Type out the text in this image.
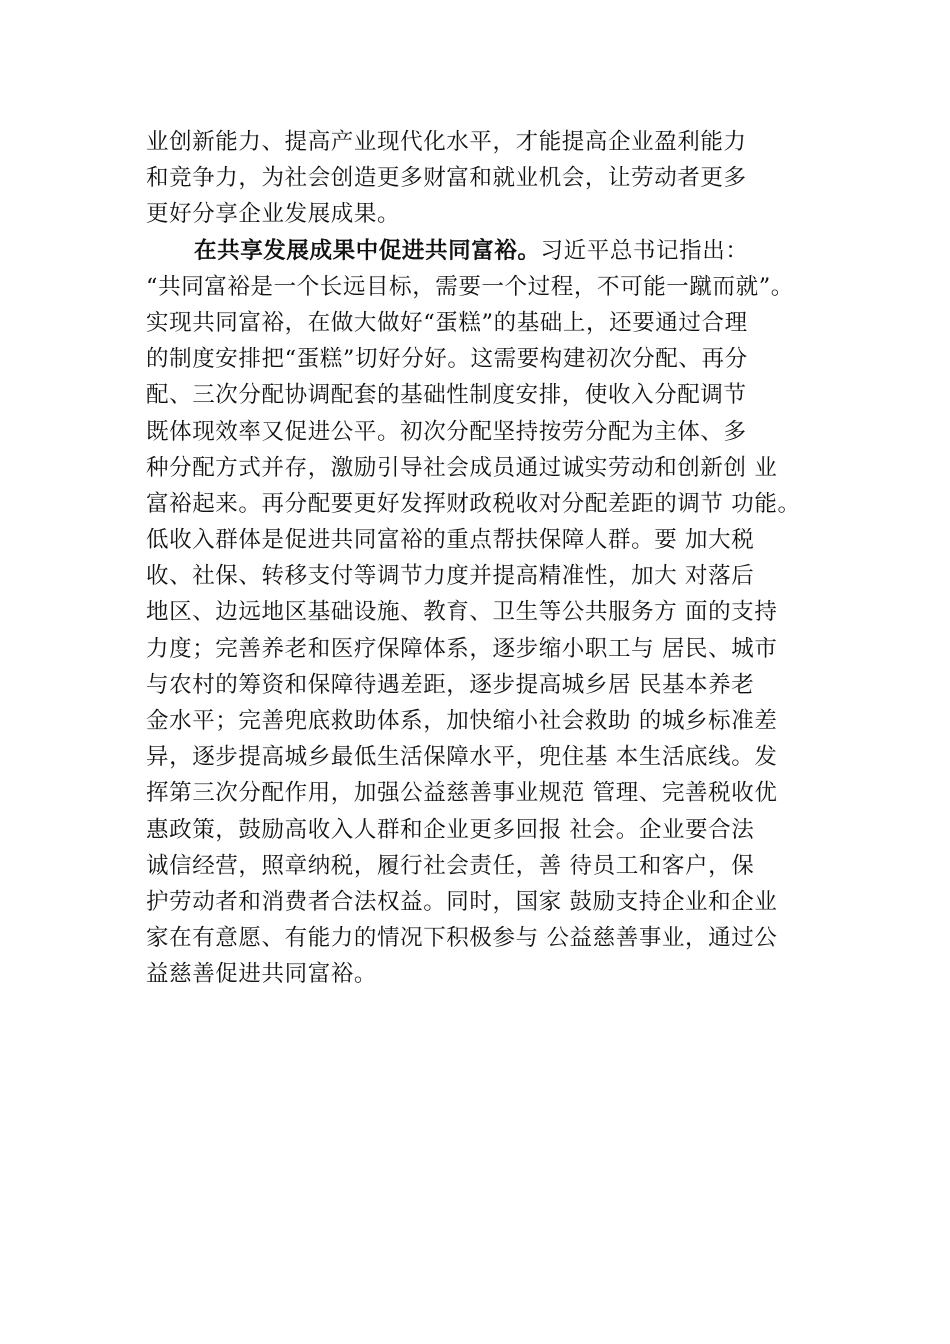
业创新能力、提高产业现代化水平，才能提高企业盈利能力
和竞争力，为社会创造更多财富和就业机会，让劳动者更多
更好分享企业发展成果。
在共享发展成果中促进共同富裕。习近平总书记指出：
“共同富裕是一个长远目标，需要一个过程，不可能一蹴而就”。
实现共同富裕，在做大做好“蛋糕”的基础上，还要通过合理
的制度安排把“蛋糕”切好分好。这需要构建初次分配、再分
配、三次分配协调配套的基础性制度安排，使收入分配调节
既体现效率又促进公平。初次分配坚持按劳分配为主体、多
种分配方式并存，激励引导社会成员通过诚实劳动和创新创 业
富裕起来。再分配要更好发挥财政税收对分配差距的调节 功能。
低收入群体是促进共同富裕的重点帮扶保障人群。要 加大税
收、社保、转移支付等调节力度并提高精准性，加大 对落后
地区、边远地区基础设施、教育、卫生等公共服务方 面的支持
力度；完善养老和医疗保障体系，逐步缩小职工与 居民、城市
与农村的筹资和保障待遇差距，逐步提高城乡居 民基本养老
金水平；完善兜底救助体系，加快缩小社会救助 的城乡标准差
异，逐步提高城乡最低生活保障水平，兜住基 本生活底线。发
挥第三次分配作用，加强公益慈善事业规范 管理、完善税收优
惠政策，鼓励高收入人群和企业更多回报 社会。企业要合法
诚信经营，照章纳税，履行社会责任，善 待员工和客户，保
护劳动者和消费者合法权益。同时，国家 鼓励支持企业和企业
家在有意愿、有能力的情况下积极参与 公益慈善事业，通过公
益慈善促进共同富裕。
